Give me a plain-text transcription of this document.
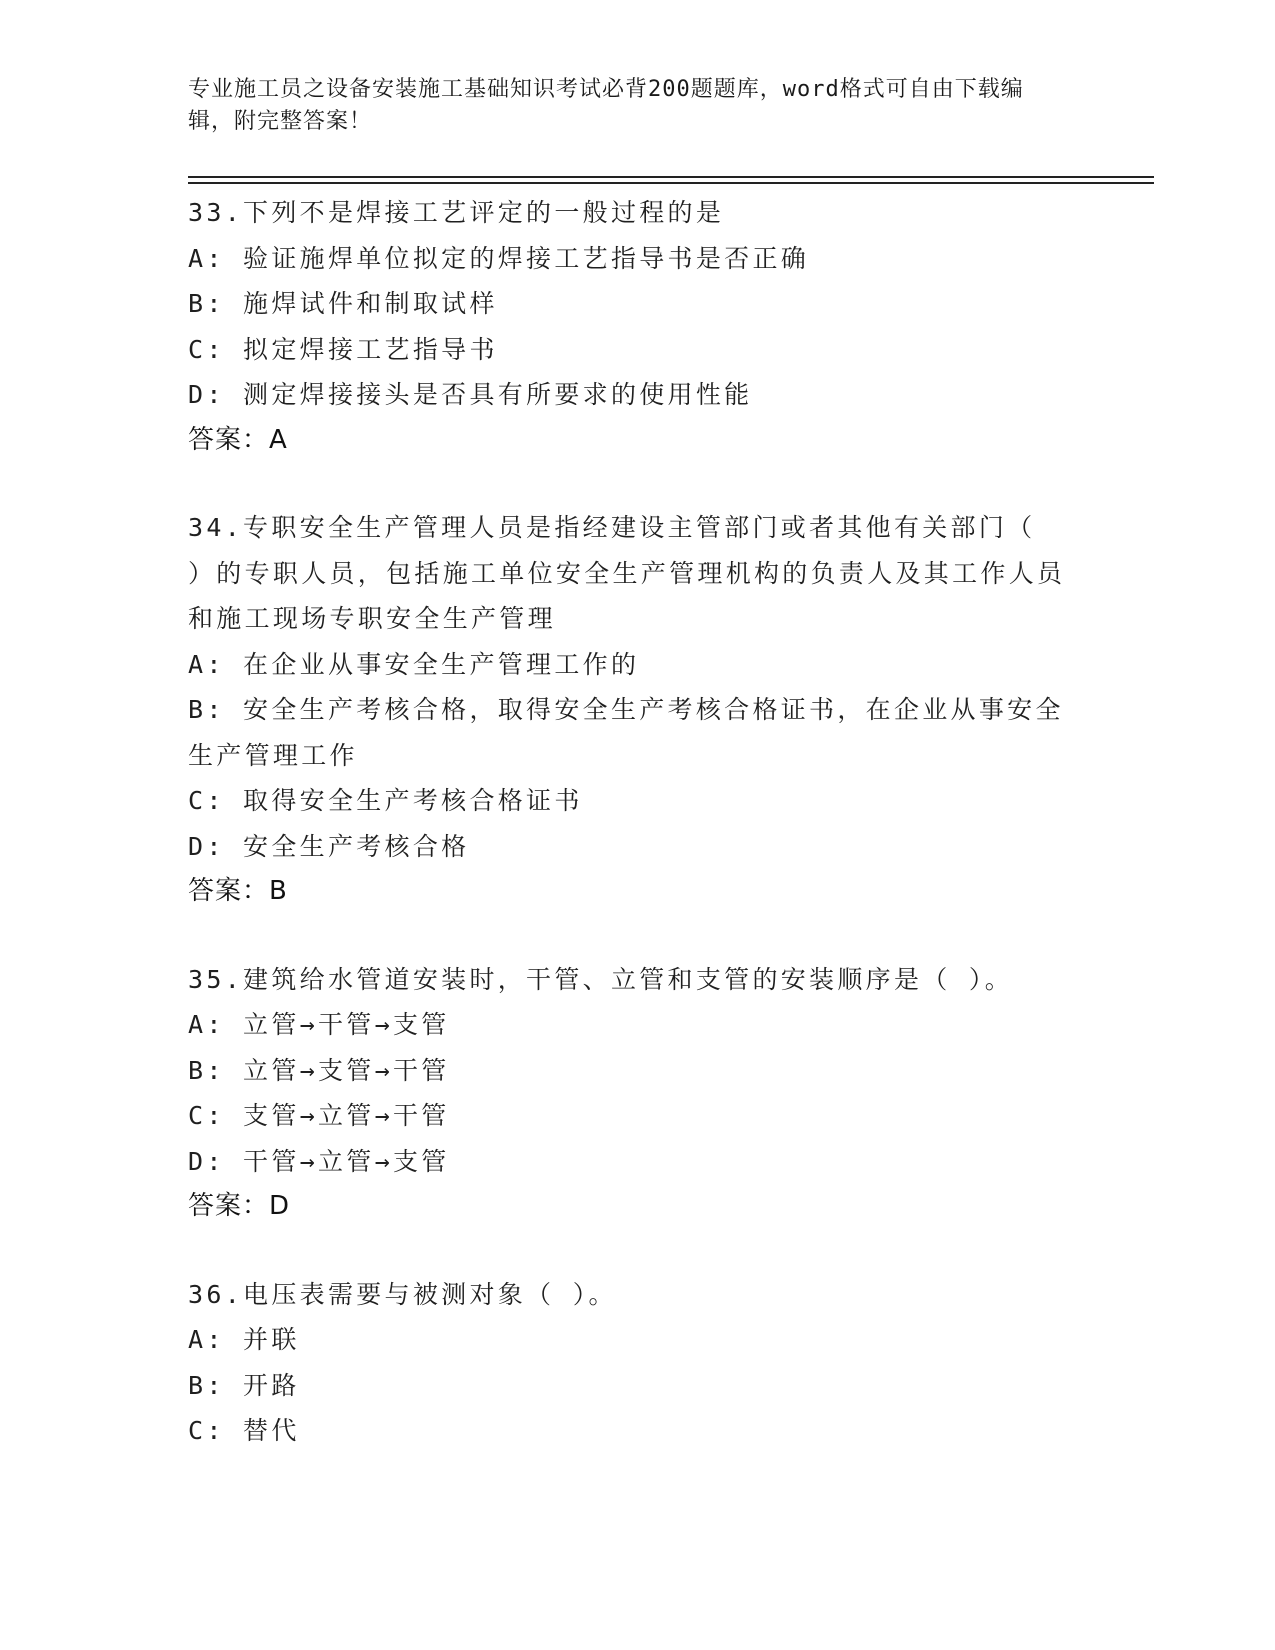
专业施工员之设备安装施工基础知识考试必背200题题库，word格式可自由下载编辑，附完整答案！
33.下列不是焊接工艺评定的一般过程的是
A: 验证施焊单位拟定的焊接工艺指导书是否正确
B: 施焊试件和制取试样
C: 拟定焊接工艺指导书
D: 测定焊接接头是否具有所要求的使用性能
答案：A
34.专职安全生产管理人员是指经建设主管部门或者其他有关部门（ ）的专职人员，包括施工单位安全生产管理机构的负责人及其工作人员和施工现场专职安全生产管理
A: 在企业从事安全生产管理工作的
B: 安全生产考核合格，取得安全生产考核合格证书，在企业从事安全生产管理工作
C: 取得安全生产考核合格证书
D: 安全生产考核合格
答案：B
35.建筑给水管道安装时，干管、立管和支管的安装顺序是（ ）。
A: 立管→干管→支管
B: 立管→支管→干管
C: 支管→立管→干管
D: 干管→立管→支管
答案：D
36.电压表需要与被测对象（ ）。
A: 并联
B: 开路
C: 替代
